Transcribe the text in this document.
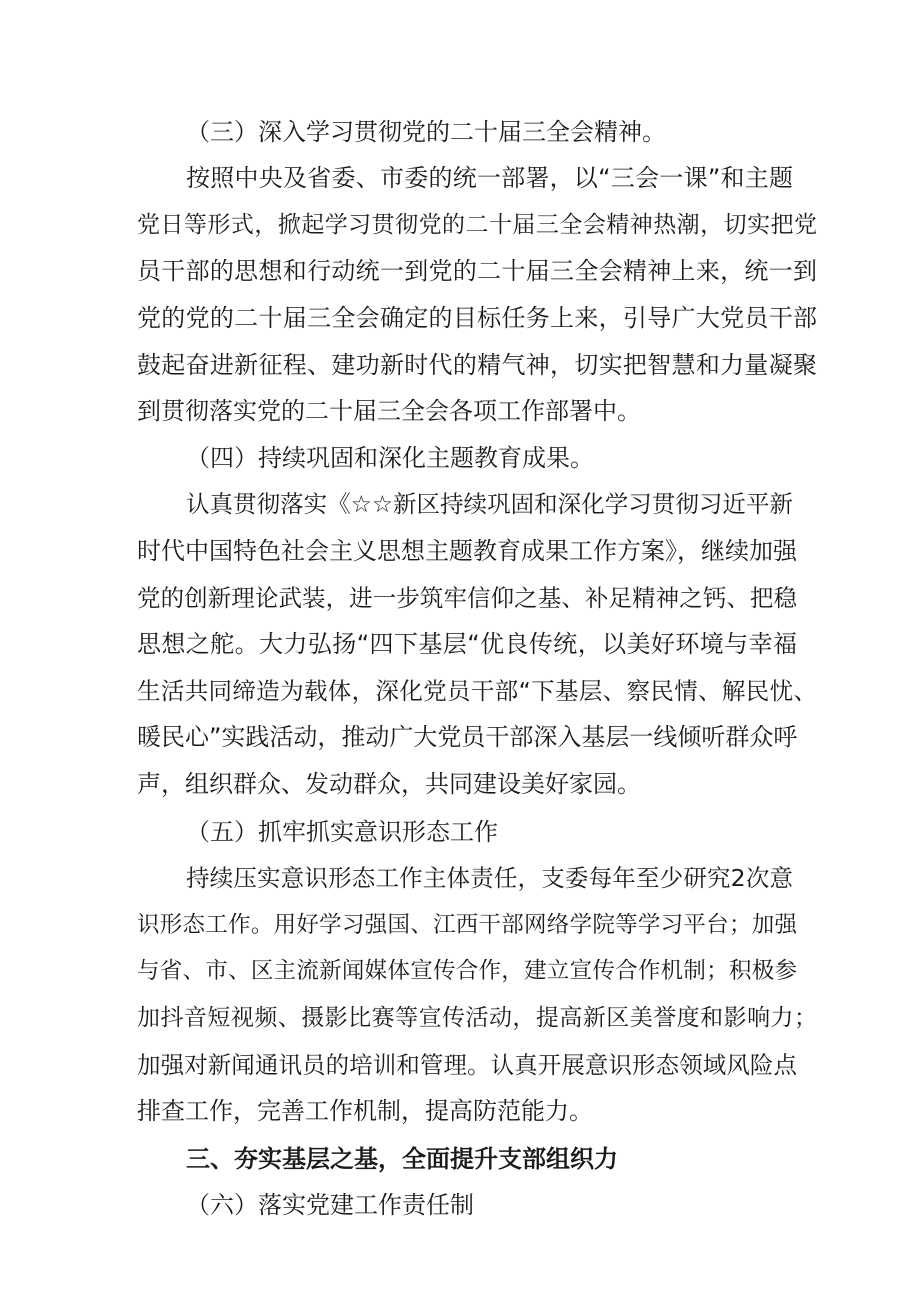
（三）深入学习贯彻党的二十届三全会精神。
按照中央及省委、市委的统一部署，以“三会一课”和主题
党日等形式，掀起学习贯彻党的二十届三全会精神热潮，切实把党
员干部的思想和行动统一到党的二十届三全会精神上来，统一到
党的党的二十届三全会确定的目标任务上来，引导广大党员干部
鼓起奋进新征程、建功新时代的精气神，切实把智慧和力量凝聚
到贯彻落实党的二十届三全会各项工作部署中。
（四）持续巩固和深化主题教育成果。
认真贯彻落实《☆☆新区持续巩固和深化学习贯彻习近平新
时代中国特色社会主义思想主题教育成果工作方案》，继续加强
党的创新理论武装，进一步筑牢信仰之基、补足精神之钙、把稳
思想之舵。大力弘扬“四下基层“优良传统，以美好环境与幸福
生活共同缔造为载体，深化党员干部“下基层、察民情、解民忧、
暖民心”实践活动，推动广大党员干部深入基层一线倾听群众呼
声，组织群众、发动群众，共同建设美好家园。
（五）抓牢抓实意识形态工作
持续压实意识形态工作主体责任，支委每年至少研究2次意
识形态工作。用好学习强国、江西干部网络学院等学习平台；加强
与省、市、区主流新闻媒体宣传合作，建立宣传合作机制；积极参
加抖音短视频、摄影比赛等宣传活动，提高新区美誉度和影响力；
加强对新闻通讯员的培训和管理。认真开展意识形态领域风险点
排查工作，完善工作机制，提高防范能力。
三、夯实基层之基，全面提升支部组织力
（六）落实党建工作责任制
